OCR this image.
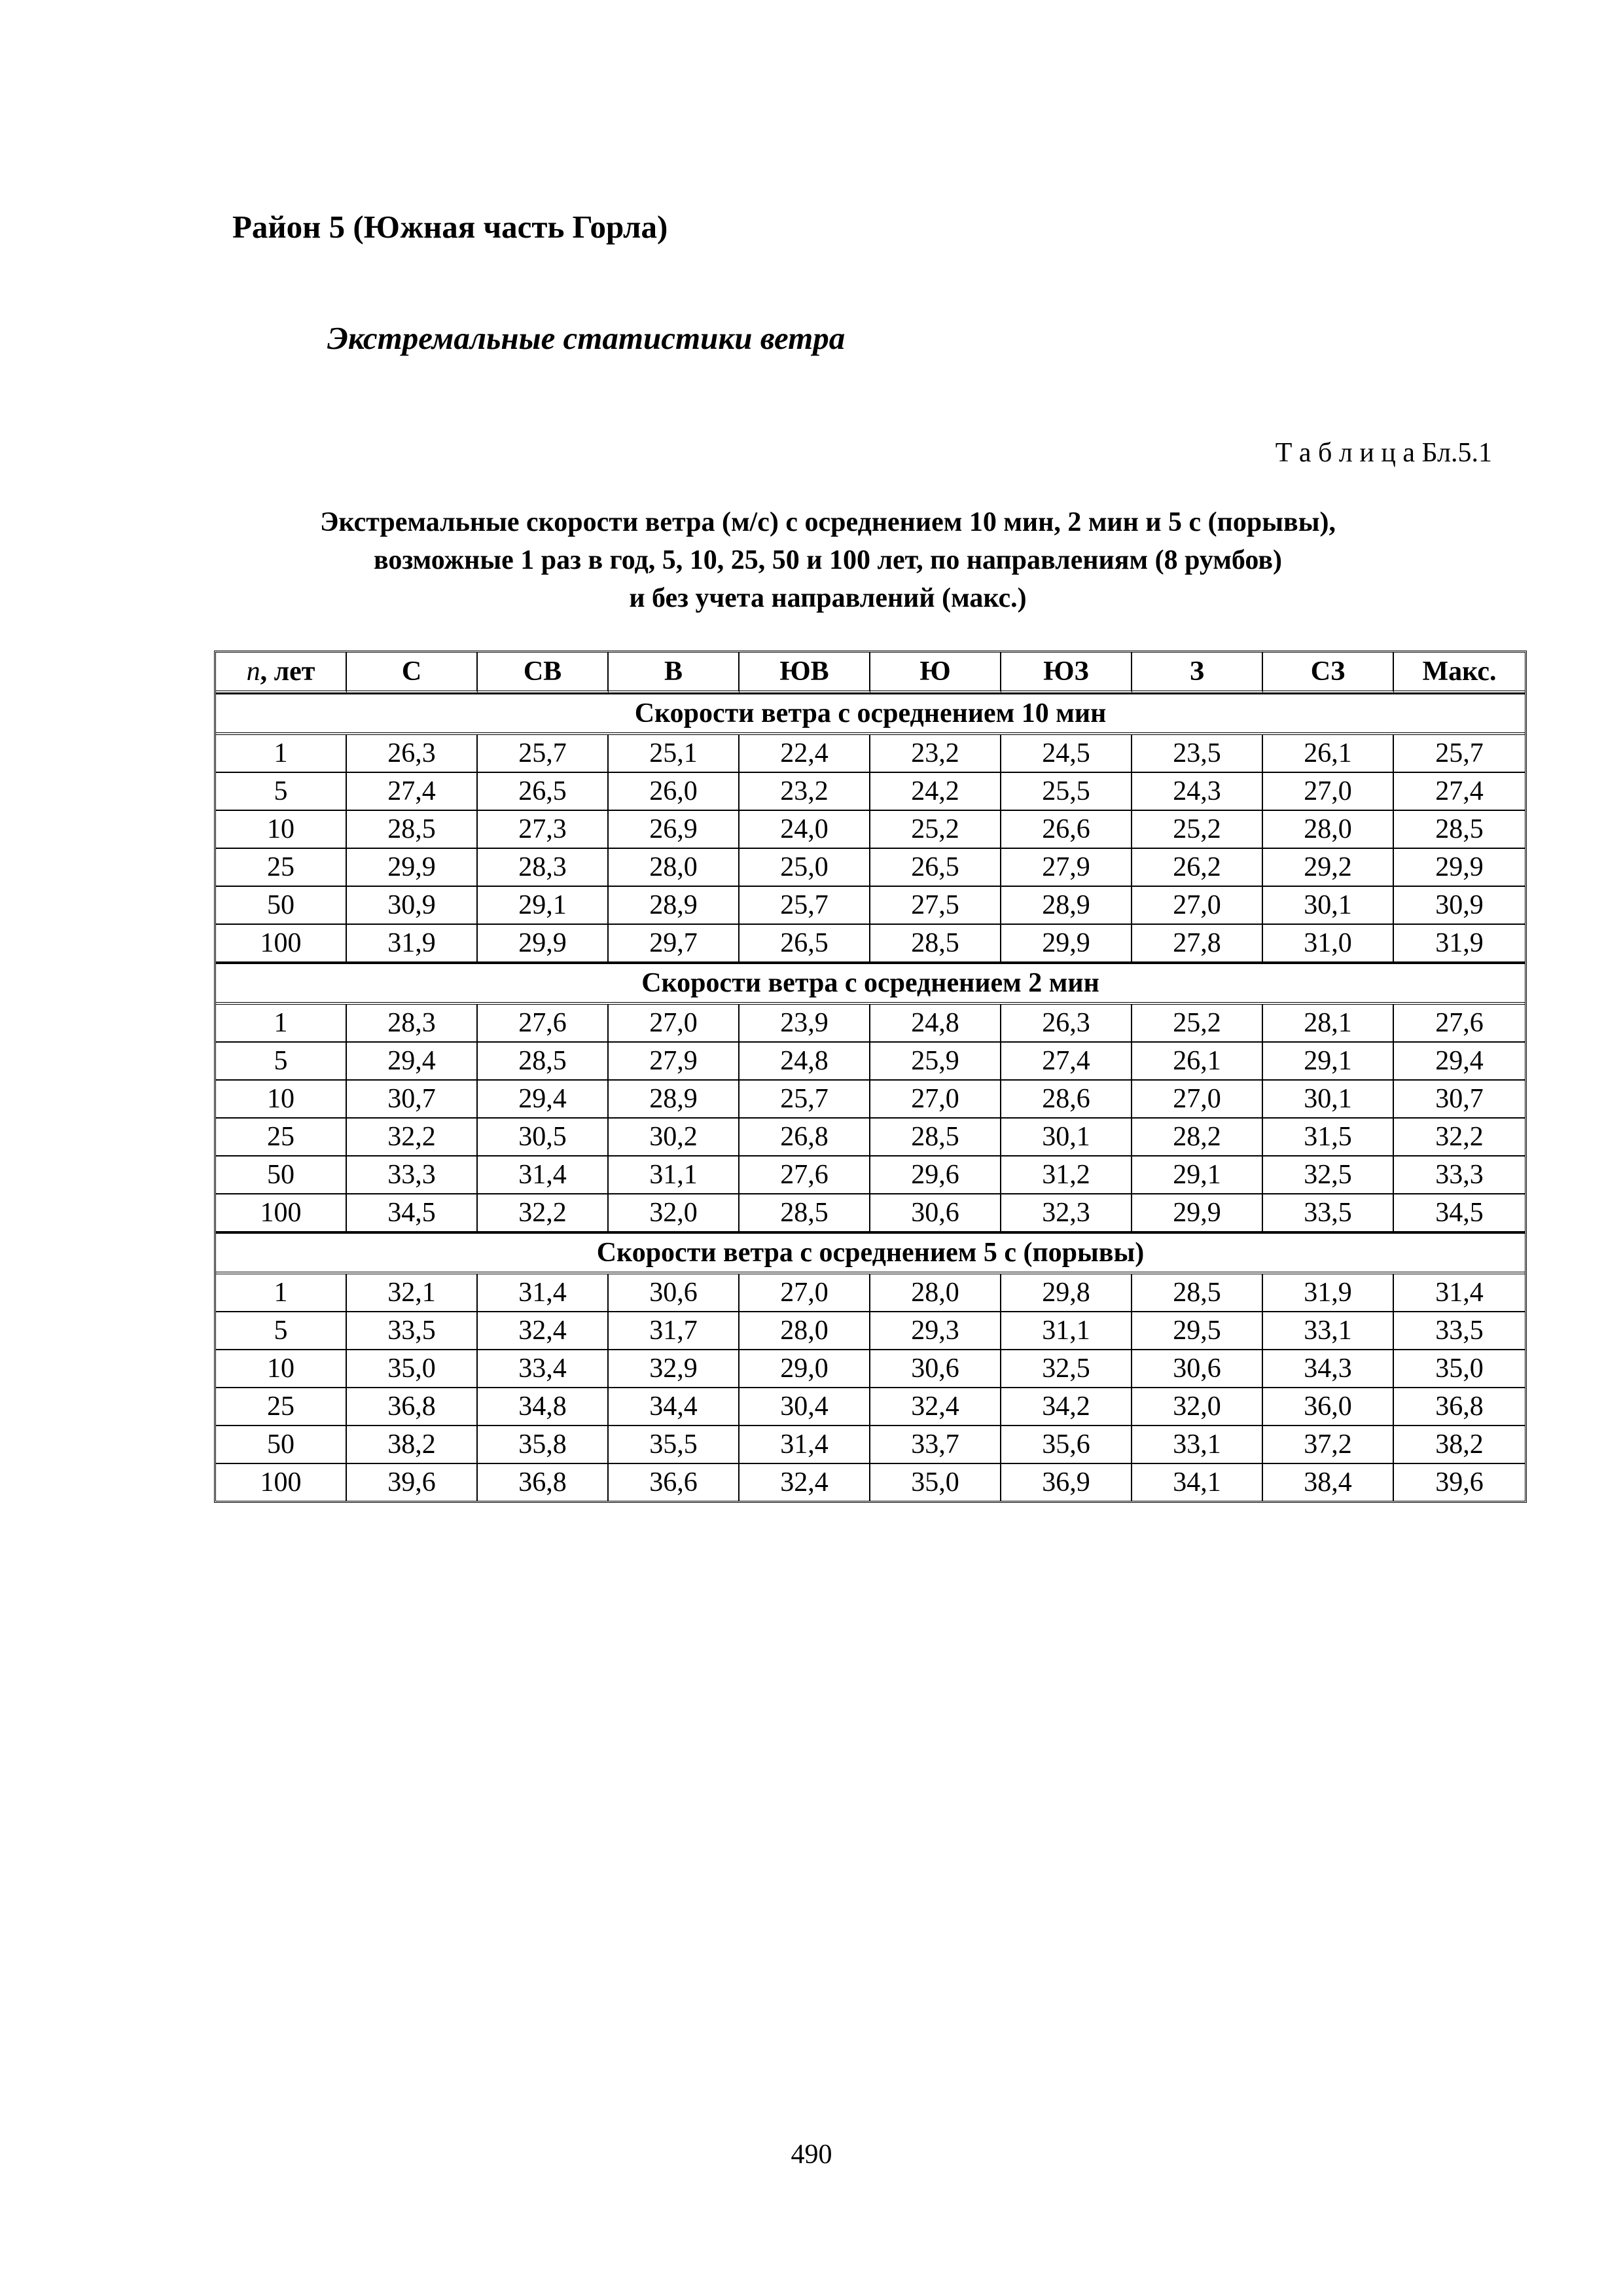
Район 5 (Южная часть Горла)
Экстремальные статистики ветра
Т а б л и ц а Бл.5.1
Экстремальные скорости ветра (м/с) с осреднением 10 мин, 2 мин и 5 с (порывы),
возможные 1 раз в год, 5, 10, 25, 50 и 100 лет, по направлениям (8 румбов)
и без учета направлений (макс.)
n, лет	С	СВ	В	ЮВ	Ю	ЮЗ	З	СЗ	Макс.
Скорости ветра с осреднением 10 мин									
1	26,3	25,7	25,1	22,4	23,2	24,5	23,5	26,1	25,7
5	27,4	26,5	26,0	23,2	24,2	25,5	24,3	27,0	27,4
10	28,5	27,3	26,9	24,0	25,2	26,6	25,2	28,0	28,5
25	29,9	28,3	28,0	25,0	26,5	27,9	26,2	29,2	29,9
50	30,9	29,1	28,9	25,7	27,5	28,9	27,0	30,1	30,9
100	31,9	29,9	29,7	26,5	28,5	29,9	27,8	31,0	31,9
Скорости ветра с осреднением 2 мин									
1	28,3	27,6	27,0	23,9	24,8	26,3	25,2	28,1	27,6
5	29,4	28,5	27,9	24,8	25,9	27,4	26,1	29,1	29,4
10	30,7	29,4	28,9	25,7	27,0	28,6	27,0	30,1	30,7
25	32,2	30,5	30,2	26,8	28,5	30,1	28,2	31,5	32,2
50	33,3	31,4	31,1	27,6	29,6	31,2	29,1	32,5	33,3
100	34,5	32,2	32,0	28,5	30,6	32,3	29,9	33,5	34,5
Скорости ветра с осреднением 5 с (порывы)									
1	32,1	31,4	30,6	27,0	28,0	29,8	28,5	31,9	31,4
5	33,5	32,4	31,7	28,0	29,3	31,1	29,5	33,1	33,5
10	35,0	33,4	32,9	29,0	30,6	32,5	30,6	34,3	35,0
25	36,8	34,8	34,4	30,4	32,4	34,2	32,0	36,0	36,8
50	38,2	35,8	35,5	31,4	33,7	35,6	33,1	37,2	38,2
100	39,6	36,8	36,6	32,4	35,0	36,9	34,1	38,4	39,6
490
